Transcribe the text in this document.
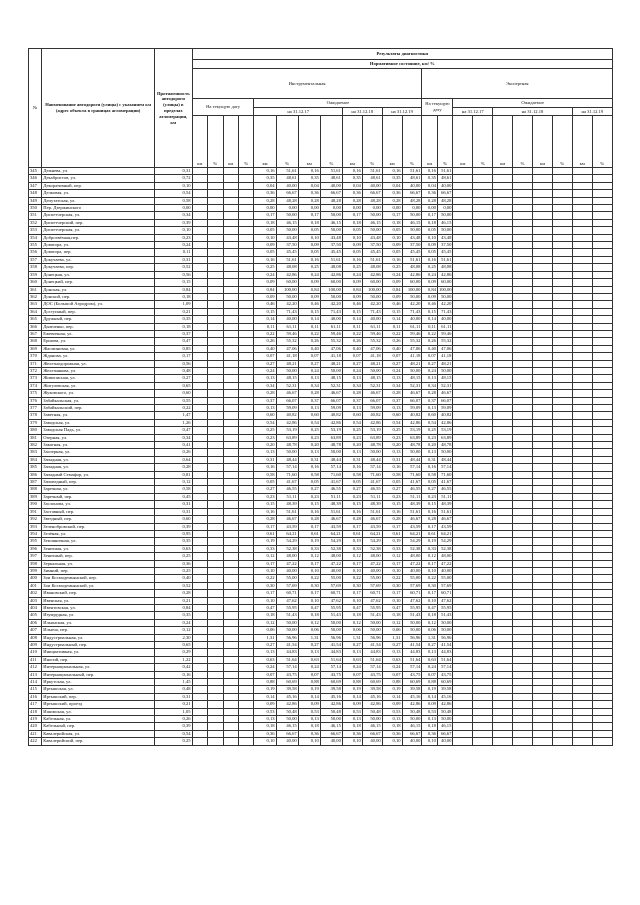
№	Наименование автодороги (улицы) с указанием км (адрес объекта в границах агломерации)	Протяженность автодороги (улицы) в пределах агломерации, км	Результаты диагностики																					
			Нормативное состояние, км/ %																					
			Инструментальная												Экспертная									
			На текущую дату				Ожидаемое								На текущую дату		Ожидаемое							
							на 31.12.17				на 31.12.18		на 31.12.19				на 31.12.17		на 31.12.18				на 31.12.19	
			км	%	км	%	км	%	км	%	км	%	км	%	км	%	км	%	км	%	км	%	км	%
345	Дежнева, ул.	0,31					0,16	51,61	0,16	51,61	0,16	51,61	0,16	51,61	0,16	51,61								
346	Декабристов, ул.	0,72					0,35	48,61	0,35	48,61	0,35	48,61	0,35	48,61	0,35	48,61								
347	Декоративный, пер.	0,10					0,04	40,00	0,04	40,00	0,04	40,00	0,04	40,00	0,04	40,00								
348	Делковая, ул.	0,54					0,36	66,67	0,36	66,67	0,36	66,67	0,36	66,67	0,36	66,67								
349	Депутатская, ул.	0,58					0,28	48,28	0,28	48,28	0,28	48,28	0,28	48,28	0,28	48,28								
350	Пер. Дзержинского	0,00					0,00	0,00	0,00	0,00	0,00	0,00	0,00	0,00	0,00	0,00								
351	Диспетчерская, ул.	0,34					0,17	50,00	0,17	50,00	0,17	50,00	0,17	50,00	0,17	50,00								
352	Диспетчерский, пер.	0,39					0,18	46,15	0,18	46,15	0,18	46,15	0,18	46,15	0,18	46,15								
353	Диспетчерская, ул.	0,10					0,05	50,00	0,05	50,00	0,05	50,00	0,05	50,00	0,05	50,00								
354	Доброзвёзная,пер.	0,23					0,10	43,48	0,10	43,48	0,10	43,48	0,10	43,48	0,10	43,48								
355	Доватора, ул.	0,24					0,09	37,50	0,09	37,50	0,09	37,50	0,09	37,50	0,09	37,50								
356	Доватора, пер.	0,11					0,05	45,45	0,05	45,45	0,05	45,45	0,05	45,45	0,05	45,45								
357	Докучаева, ул.	0,31					0,16	51,61	0,16	51,61	0,16	51,61	0,16	51,61	0,16	51,61								
358	Докучаева, пер.	0,52					0,25	48,08	0,25	48,08	0,25	48,08	0,25	48,08	0,25	48,08								
359	Донецкая, ул.	0,56					0,24	42,86	0,24	42,86	0,24	42,86	0,24	42,86	0,24	42,86								
360	Донецкий, пер.	0,15					0,09	60,00	0,09	60,00	0,09	60,00	0,09	60,00	0,09	60,00								
361	Донская, ул.	0,84					0,84	100,00	0,84	100,00	0,84	100,00	0,84	100,00	0,84	100,00								
362	Донской, пер.	0,18					0,09	50,00	0,09	50,00	0,09	50,00	0,09	50,00	0,09	50,00								
363	ДОС (Большой Аэродром), ул.	1,09					0,46	42,20	0,46	42,20	0,46	42,20	0,46	42,20	0,46	42,20								
364	Доступный, пер.	0,21					0,15	71,43	0,15	71,43	0,15	71,43	0,15	71,43	0,15	71,43								
365	Дружный, пер.	0,35					0,14	40,00	0,14	40,00	0,14	40,00	0,14	40,00	0,14	40,00								
366	Дымченко, пер.	0,18					0,11	61,11	0,11	61,11	0,11	61,11	0,11	61,11	0,11	61,11								
367	Ежевичная, ул.	0,37					0,22	59,46	0,22	59,46	0,22	59,46	0,22	59,46	0,22	59,46								
368	Ершова, ул.	0,47					0,26	55,32	0,26	55,32	0,26	55,32	0,26	55,32	0,26	55,32								
369	Жасминовая, ул.	0,85					0,40	47,06	0,40	47,06	0,40	47,06	0,40	47,06	0,40	47,06								
370	Жданова, ул.	0,17					0,07	41,18	0,07	41,18	0,07	41,18	0,07	41,18	0,07	41,18								
371	Железнодорожная, ул.	0,56					0,27	48,21	0,27	48,21	0,27	48,21	0,27	48,21	0,27	48,21								
372	Железнякова, ул.	0,48					0,24	50,00	0,24	50,00	0,24	50,00	0,24	50,00	0,24	50,00								
373	Живописная, ул.	0,27					0,13	48,15	0,13	48,15	0,13	48,15	0,13	48,15	0,13	48,15								
374	Жигулевская, ул.	0,65					0,34	52,31	0,34	52,31	0,34	52,31	0,34	52,31	0,34	52,31								
375	Жуковского, ул.	0,60					0,28	46,67	0,28	46,67	0,28	46,67	0,28	46,67	0,28	46,67								
376	Забайкальская, ул.	0,55					0,37	66,07	0,37	66,07	0,37	66,07	0,37	66,07	0,37	66,07								
377	Забайкальский, пер.	0,22					0,13	59,09	0,13	59,09	0,13	59,09	0,13	59,09	0,13	59,09								
378	Заветная, ул.	1,47					0,60	40,82	0,60	40,82	0,60	40,82	0,60	40,82	0,60	40,82								
379	Заводская, ул.	1,26					0,54	42,86	0,54	42,86	0,54	42,86	0,54	42,86	0,54	42,86								
380	Заводская Падь, ул.	0,47					0,25	53,19	0,25	53,19	0,25	53,19	0,25	53,19	0,25	53,19								
381	Озерная, ул.	0,34					0,23	63,89	0,23	63,89	0,23	63,89	0,23	63,89	0,23	63,89								
382	Закатная, ул.	0,41					0,20	48,78	0,20	48,78	0,20	48,78	0,20	48,78	0,20	48,78								
383	Заозерная, ул.	0,26					0,13	50,00	0,13	50,00	0,13	50,00	0,13	50,00	0,13	50,00								
384	Западная, ул.	0,64					0,31	48,44	0,31	48,44	0,31	48,44	0,31	48,44	0,31	48,44								
385	Западная, ул.	0,28					0,16	57,14	0,16	57,14	0,16	57,14	0,16	57,14	0,16	57,14								
386	Западный Семафор, ул.	0,81					0,58	71,60	0,58	71,60	0,58	71,60	0,58	71,60	0,58	71,60								
387	Заповедный, пер.	0,12					0,05	41,67	0,05	41,67	0,05	41,67	0,05	41,67	0,05	41,67								
388	Заречная, ул.	0,58					0,27	46,55	0,27	46,55	0,27	46,55	0,27	46,55	0,27	46,55								
389	Заречный, пер.	0,45					0,23	51,11	0,23	51,11	0,23	51,11	0,23	51,11	0,23	51,11								
390	Заслонова, ул.	0,31					0,15	48,39	0,15	48,39	0,15	48,39	0,15	48,39	0,15	48,39								
391	Заставный, пер.	0,31					0,16	51,61	0,16	51,61	0,16	51,61	0,16	51,61	0,16	51,61								
392	Звездный, пер.	0,60					0,28	46,67	0,28	46,67	0,28	46,67	0,28	46,67	0,28	46,67								
393	Зеленобровский, пер.	0,39					0,17	43,59	0,17	43,59	0,17	43,59	0,17	43,59	0,17	43,59								
394	Зелёная, ул.	0,95					0,61	64,21	0,61	64,21	0,61	64,21	0,61	64,21	0,61	64,21								
395	Земляничная, ул.	0,35					0,19	54,29	0,19	54,29	0,19	54,29	0,19	54,29	0,19	54,29								
396	Зенитная, ул.	0,63					0,33	52,38	0,33	52,38	0,33	52,38	0,33	52,38	0,33	52,38								
397	Зенитный, пер.	0,25					0,12	48,00	0,12	48,00	0,12	48,00	0,12	48,00	0,12	48,00								
398	Зеркальная, ул.	0,36					0,17	47,22	0,17	47,22	0,17	47,22	0,17	47,22	0,17	47,22								
399	Зимний, пер.	0,25					0,10	40,00	0,10	40,00	0,10	40,00	0,10	40,00	0,10	40,00								
400	Зои Космодемьянской, пер.	0,40					0,22	55,00	0,22	55,00	0,22	55,00	0,22	55,00	0,22	55,00								
401	Зои Космодемьянской, ул.	0,52					0,30	57,69	0,30	57,69	0,30	57,69	0,30	57,69	0,30	57,69								
402	Ивановский, пер.	0,28					0,17	60,71	0,17	60,71	0,17	60,71	0,17	60,71	0,17	60,71								
403	Ивенская, ул.	0,21					0,10	47,62	0,10	47,62	0,10	47,62	0,10	47,62	0,10	47,62								
404	Ивентовская, ул.	0,84					0,47	55,95	0,47	55,95	0,47	55,95	0,47	55,95	0,47	55,95								
405	Изумрудная, ул.	0,35					0,18	51,43	0,18	51,43	0,18	51,43	0,18	51,43	0,18	51,43								
406	Ильинская, ул.	0,24					0,12	50,00	0,12	50,00	0,12	50,00	0,12	50,00	0,12	50,00								
407	Ильича, пер.	0,12					0,06	50,00	0,06	50,00	0,06	50,00	0,06	50,00	0,06	50,00								
408	Индустриальная, ул.	2,30					1,31	56,96	1,31	56,96	1,31	56,96	1,31	56,96	1,31	56,96								
409	Индустриальный, пер.	0,65					0,27	41,54	0,27	41,54	0,27	41,54	0,27	41,54	0,27	41,54								
410	Инициативная, ул.	0,29					0,13	44,83	0,13	44,83	0,13	44,83	0,13	44,83	0,13	44,83								
411	Иногий, пер.	1,22					0,63	51,64	0,63	51,64	0,63	51,64	0,63	51,64	0,63	51,64								
412	Интернациональная, ул.	0,42					0,24	57,14	0,24	57,14	0,24	57,14	0,24	57,14	0,24	57,14								
413	Интернациональный, пер.	0,16					0,07	43,75	0,07	43,75	0,07	43,75	0,07	43,75	0,07	43,75								
414	Иркутская, ул.	1,45					0,88	60,69	0,88	60,69	0,88	60,69	0,88	60,69	0,88	60,69								
415	Иртышская, ул.	0,48					0,19	39,58	0,19	39,58	0,19	39,58	0,19	39,58	0,19	39,58								
416	Иртышский, пер.	0,31					0,14	45,16	0,14	45,16	0,14	45,16	0,14	45,16	0,14	45,16								
417	Иртышский, проезд	0,21					0,09	42,86	0,09	42,86	0,09	42,86	0,09	42,86	0,09	42,86								
418	Ишимская, ул.	1,05					0,53	50,48	0,53	50,48	0,53	50,48	0,53	50,48	0,53	50,48								
419	Кабельная, ул.	0,26					0,13	50,00	0,13	50,00	0,13	50,00	0,13	50,00	0,13	50,00								
420	Кабельный, пер.	0,39					0,18	46,15	0,18	46,15	0,18	46,15	0,18	46,15	0,18	46,15								
421	Кавалерийская, ул.	0,54					0,36	66,67	0,36	66,67	0,36	66,67	0,36	66,67	0,36	66,67								
422	Кавалерийский, пер.	0,25					0,10	40,00	0,10	40,00	0,10	40,00	0,10	40,00	0,10	40,00								
